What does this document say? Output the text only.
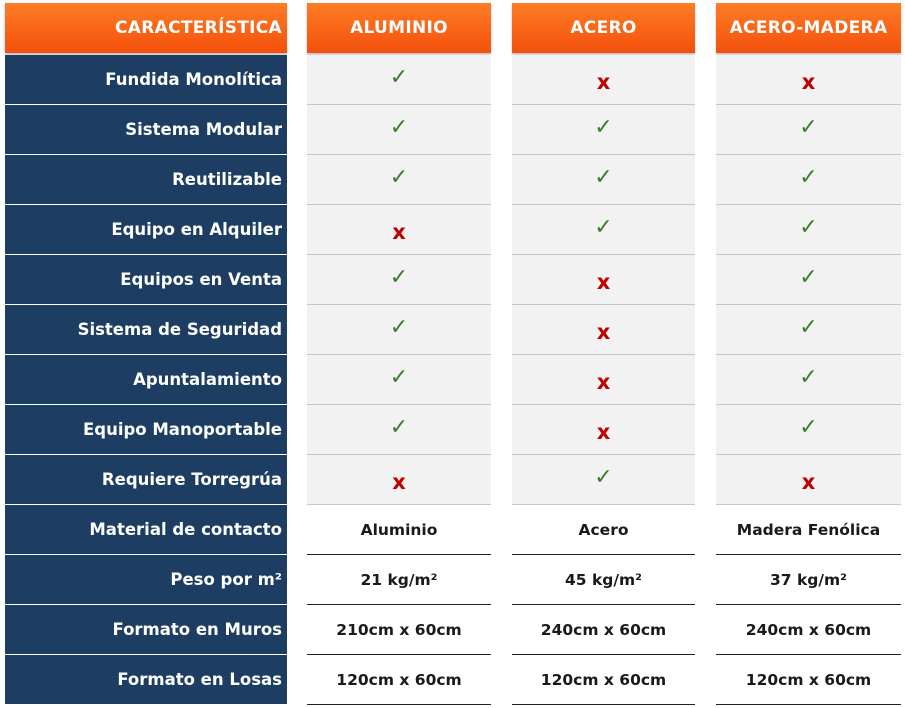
CARACTERÍSTICA	ALUMINIO	ACERO	ACERO-MADERA
Fundida Monolítica	✓	x	x
Sistema Modular	✓	✓	✓
Reutilizable	✓	✓	✓
Equipo en Alquiler	x	✓	✓
Equipos en Venta	✓	x	✓
Sistema de Seguridad	✓	x	✓
Apuntalamiento	✓	x	✓
Equipo Manoportable	✓	x	✓
Requiere Torregrúa	x	✓	x
Material de contacto	Aluminio	Acero	Madera Fenólica
Peso por m²	21 kg/m²	45 kg/m²	37 kg/m²
Formato en Muros	210cm x 60cm	240cm x 60cm	240cm x 60cm
Formato en Losas	120cm x 60cm	120cm x 60cm	120cm x 60cm
